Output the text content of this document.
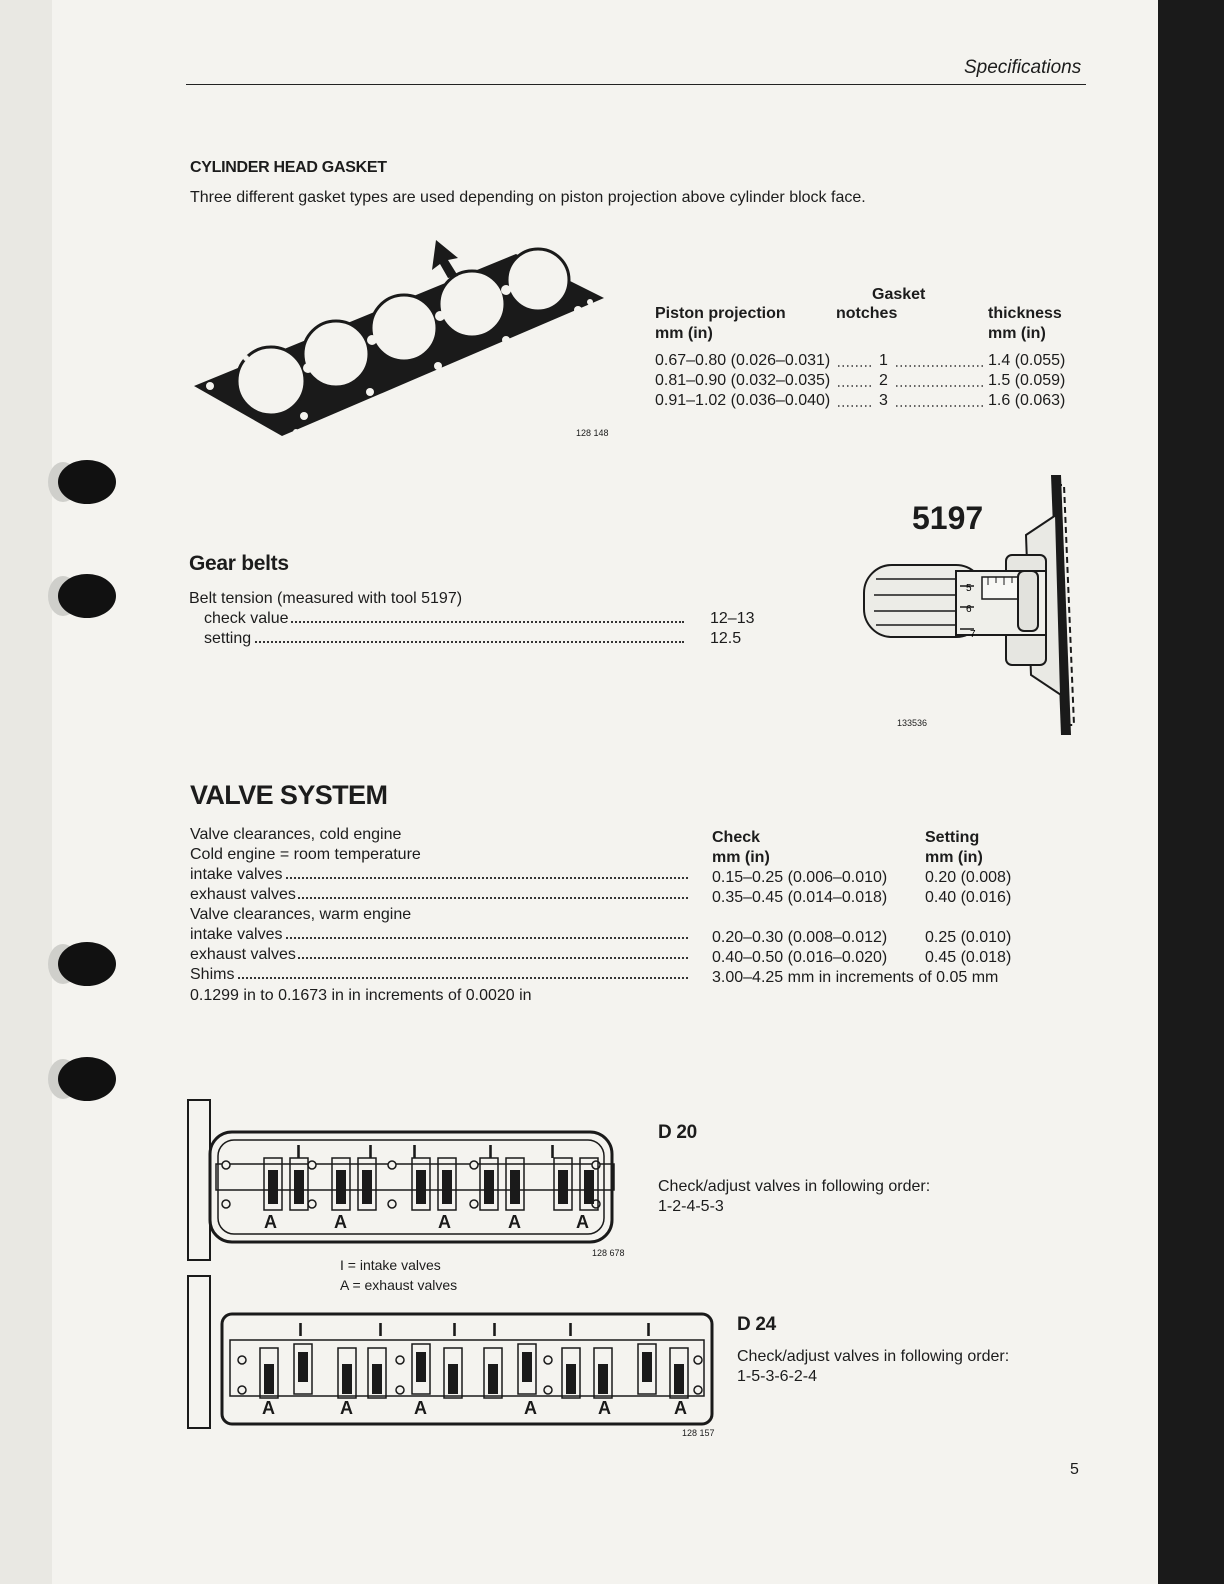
Specifications
CYLINDER HEAD GASKET
Three different gasket types are used depending on piston projection above cylinder block face.
128 148
Gasket
Piston projection
mm (in)
notches	thickness
mm (in)
0.67–0.80 (0.026–0.031)	1	1.4 (0.055)
0.81–0.90 (0.032–0.035)	2	1.5 (0.059)
0.91–1.02 (0.036–0.040)	3	1.6 (0.063)
Gear belts
Belt tension (measured with tool 5197)
check value	12–13
setting	12.5
5
6
7
5197
133536
VALVE SYSTEM
Check
mm (in)
Setting
mm (in)
Valve clearances, cold engine
Cold engine = room temperature
intake valves	0.15–0.25 (0.006–0.010) 0.20 (0.008)
exhaust valves	0.35–0.45 (0.014–0.018) 0.40 (0.016)
Valve clearances, warm engine
intake valves	0.20–0.30 (0.008–0.012) 0.25 (0.010)
exhaust valves	0.40–0.50 (0.016–0.020) 0.45 (0.018)
Shims	3.00–4.25 mm in increments of 0.05 mm
0.1299 in to 0.1673 in in increments of 0.0020 in
I	I I	I	I
A	A	A	A	A
128 678
I = intake valves
A = exhaust valves
D 20
Check/adjust valves in following order:
1-2-4-5-3
I	I	I I	I	I
A	A	A	A	A	A
128 157
D 24
Check/adjust valves in following order:
1-5-3-6-2-4
5
